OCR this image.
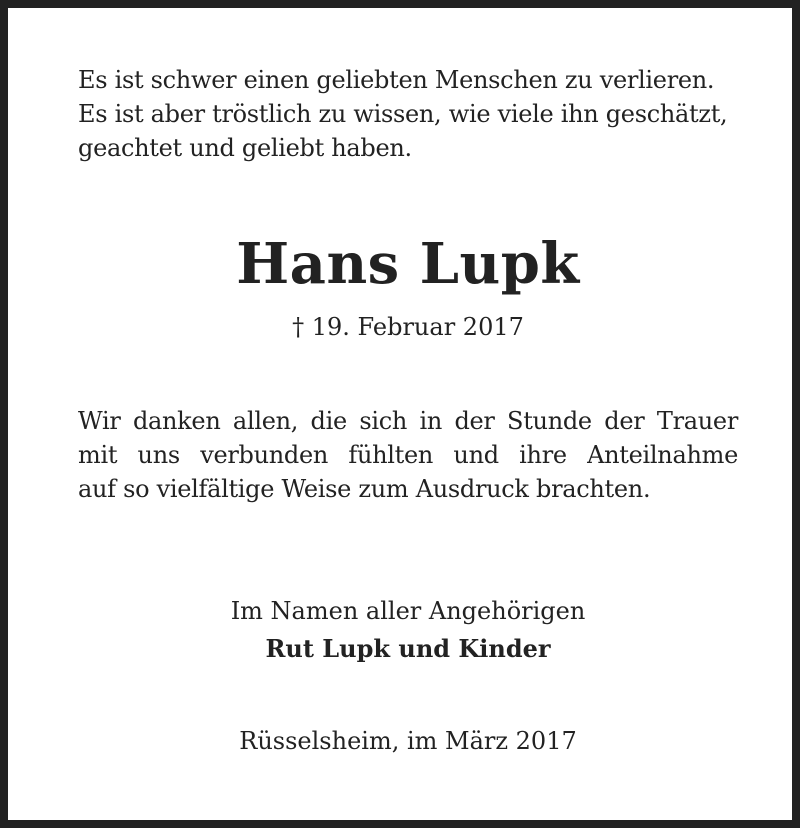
Es ist schwer einen geliebten Menschen zu verlieren.
Es ist aber tröstlich zu wissen, wie viele ihn geschätzt,
geachtet und geliebt haben.
Hans Lupk
† 19. Februar 2017
Wir danken allen, die sich in der Stunde der Trauer
mit uns verbunden fühlten und ihre Anteilnahme
auf so vielfältige Weise zum Ausdruck brachten.
Im Namen aller Angehörigen
Rut Lupk und Kinder
Rüsselsheim, im März 2017
